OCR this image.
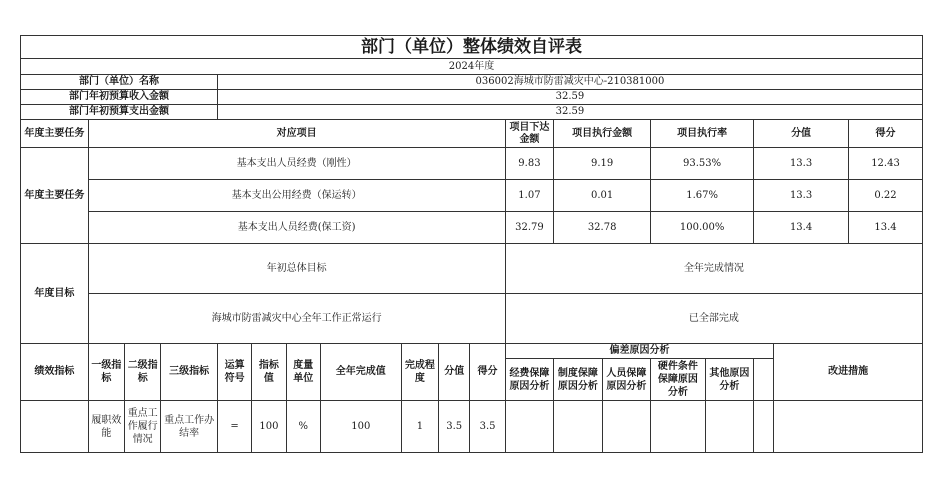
部门（单位）整体绩效自评表																		
2024年度																		
部门（单位）名称				036002海城市防雷减灾中心-210381000														
部门年初预算收入金额				32.59														
部门年初预算支出金额				32.59														
年度主要任务	对应项目										项目下达金额	项目执行金额		项目执行率		分值		得分
年度主要任务	基本支出人员经费（刚性）										9.83	9.19		93.53%		13.3		12.43
	基本支出公用经费（保运转）										1.07	0.01		1.67%		13.3		0.22
	基本支出人员经费(保工资)										32.79	32.78		100.00%		13.4		13.4
年度目标	年初总体目标										全年完成情况							
	海城市防雷减灾中心全年工作正常运行										已全部完成							
绩效指标	一级指标	二级指标	三级指标	运算符号	指标值	度量单位	全年完成值	完成程度	分值	得分	偏差原因分析						改进措施	
											经费保障原因分析	制度保障原因分析	人员保障原因分析	硬件条件保障原因分析	其他原因分析			
	履职效能	重点工作履行情况	重点工作办结率	=	100	%	100	1	3.5	3.5								
